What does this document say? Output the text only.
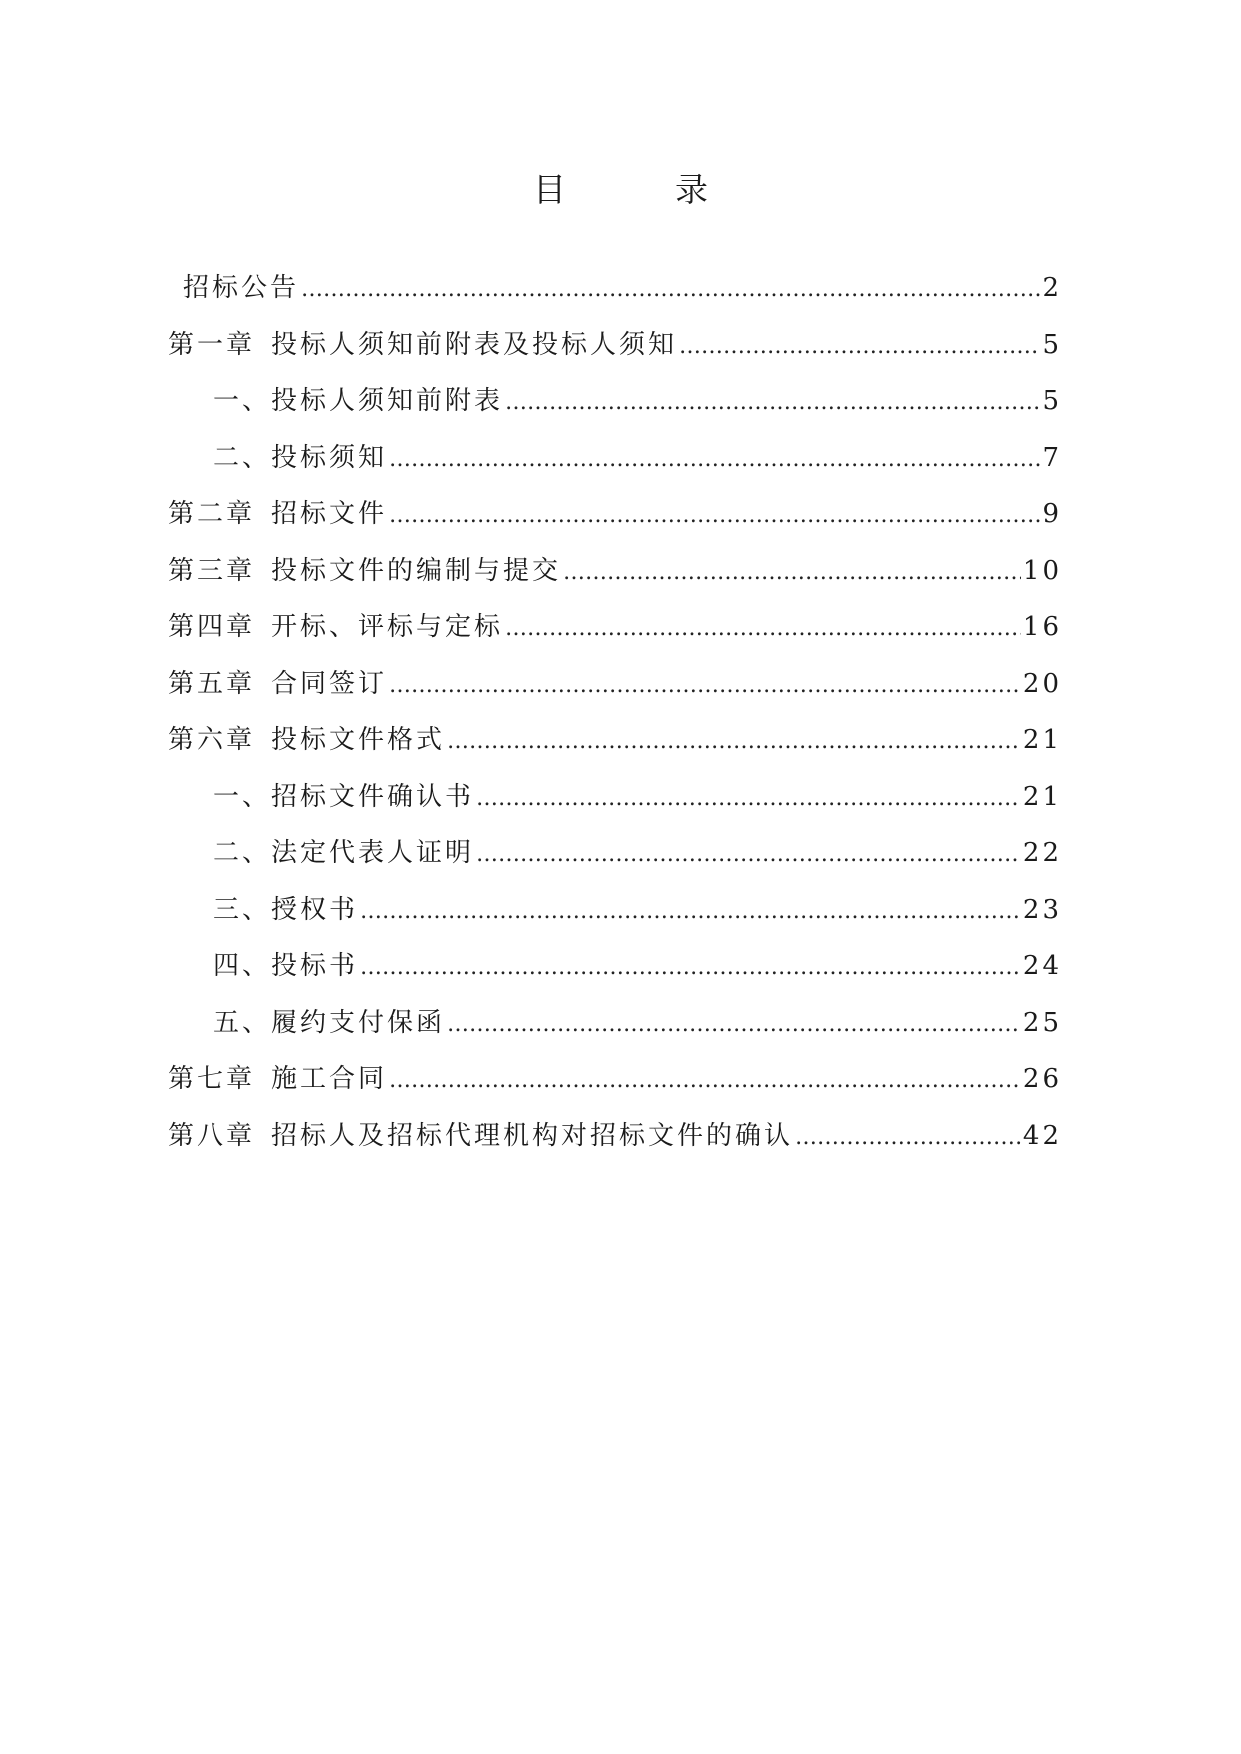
目　录
招标公告 …………………………………………………………………………………………………………………………………………………………………………	2
第一章 投标人须知前附表及投标人须知 …………………………………………………………………………………………………………………………………………………………………………	5
一、投标人须知前附表 …………………………………………………………………………………………………………………………………………………………………………	5
二、投标须知 …………………………………………………………………………………………………………………………………………………………………………	7
第二章 招标文件 …………………………………………………………………………………………………………………………………………………………………………	9
第三章 投标文件的编制与提交 …………………………………………………………………………………………………………………………………………………………………………	10
第四章 开标、评标与定标 …………………………………………………………………………………………………………………………………………………………………………	16
第五章 合同签订 …………………………………………………………………………………………………………………………………………………………………………	20
第六章 投标文件格式 …………………………………………………………………………………………………………………………………………………………………………	21
一、招标文件确认书 …………………………………………………………………………………………………………………………………………………………………………	21
二、法定代表人证明 …………………………………………………………………………………………………………………………………………………………………………	22
三、授权书 …………………………………………………………………………………………………………………………………………………………………………	23
四、投标书 …………………………………………………………………………………………………………………………………………………………………………	24
五、履约支付保函 …………………………………………………………………………………………………………………………………………………………………………	25
第七章 施工合同 …………………………………………………………………………………………………………………………………………………………………………	26
第八章 招标人及招标代理机构对招标文件的确认 …………………………………………………………………………………………………………………………………………………………………………	42
